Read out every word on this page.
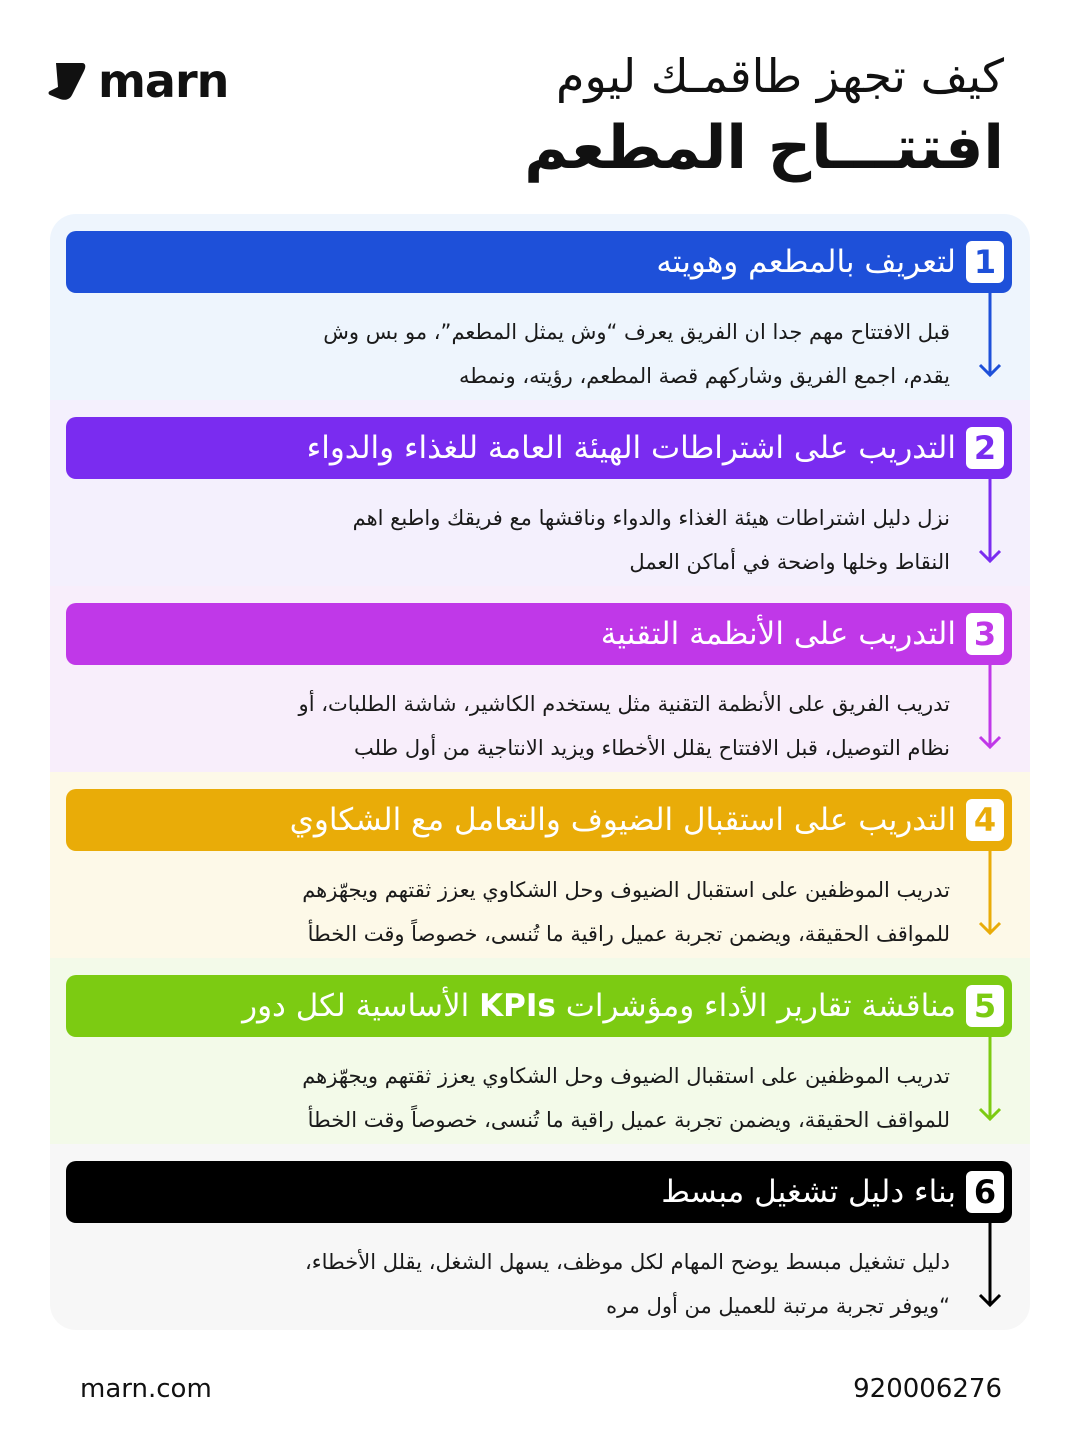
marn	كيف تجهز طاقمـك ليوم
افتتـــاح المطعم
1
لتعريف بالمطعم وهويته
قبل الافتتاح مهم جدا ان الفريق يعرف “وش يمثل المطعم”، مو بس وش
يقدم، اجمع الفريق وشاركهم قصة المطعم، رؤيته، ونمطه
2
التدريب على اشتراطات الهيئة العامة للغذاء والدواء
نزل دليل اشتراطات هيئة الغذاء والدواء وناقشها مع فريقك واطبع اهم
النقاط وخلها واضحة في أماكن العمل
3
التدريب على الأنظمة التقنية
تدريب الفريق على الأنظمة التقنية مثل يستخدم الكاشير، شاشة الطلبات، أو
نظام التوصيل، قبل الافتتاح يقلل الأخطاء ويزيد الانتاجية من أول طلب
4
التدريب على استقبال الضيوف والتعامل مع الشكاوي
تدريب الموظفين على استقبال الضيوف وحل الشكاوي يعزز ثقتهم ويجهّزهم
للمواقف الحقيقة، ويضمن تجربة عميل راقية ما تُنسى، خصوصاً وقت الخطأ
5
مناقشة تقارير الأداء ومؤشرات KPIs الأساسية لكل دور
تدريب الموظفين على استقبال الضيوف وحل الشكاوي يعزز ثقتهم ويجهّزهم
للمواقف الحقيقة، ويضمن تجربة عميل راقية ما تُنسى، خصوصاً وقت الخطأ
6
بناء دليل تشغيل مبسط
دليل تشغيل مبسط يوضح المهام لكل موظف، يسهل الشغل، يقلل الأخطاء،
“ويوفر تجربة مرتبة للعميل من أول مره
marn.com	920006276
